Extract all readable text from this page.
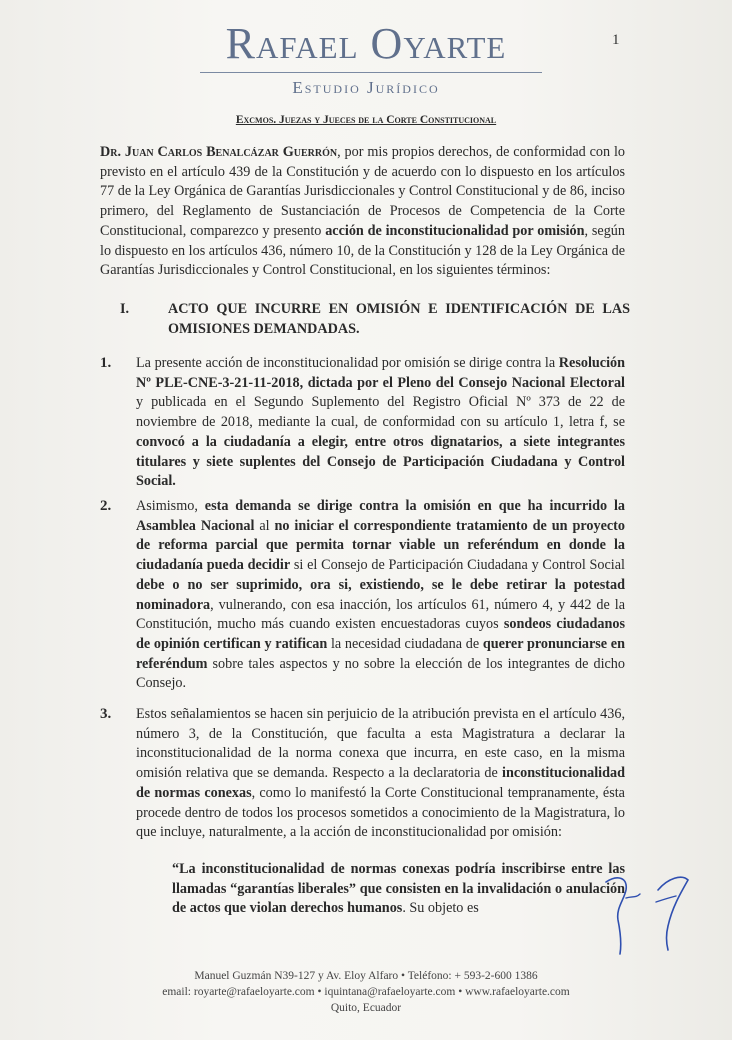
Rafael Oyarte
Estudio Jurídico
1
Excmos. Juezas y Jueces de la Corte Constitucional

Dr. Juan Carlos Benalcázar Guerrón, por mis propios derechos, de conformidad con lo previsto en el artículo 439 de la Constitución y de acuerdo con lo dispuesto en los artículos 77 de la Ley Orgánica de Garantías Jurisdiccionales y Control Constitucional y de 86, inciso primero, del Reglamento de Sustanciación de Procesos de Competencia de la Corte Constitucional, comparezco y presento acción de inconstitucionalidad por omisión, según lo dispuesto en los artículos 436, número 10, de la Constitución y 128 de la Ley Orgánica de Garantías Jurisdiccionales y Control Constitucional, en los siguientes términos:

I.	ACTO QUE INCURRE EN OMISIÓN E IDENTIFICACIÓN DE LAS OMISIONES DEMANDADAS.
1. La presente acción de inconstitucionalidad por omisión se dirige contra la Resolución Nº PLE-CNE-3-21-11-2018, dictada por el Pleno del Consejo Nacional Electoral y publicada en el Segundo Suplemento del Registro Oficial Nº 373 de 22 de noviembre de 2018, mediante la cual, de conformidad con su artículo 1, letra f, se convocó a la ciudadanía a elegir, entre otros dignatarios, a siete integrantes titulares y siete suplentes del Consejo de Participación Ciudadana y Control Social.

2. Asimismo, esta demanda se dirige contra la omisión en que ha incurrido la Asamblea Nacional al no iniciar el correspondiente tratamiento de un proyecto de reforma parcial que permita tornar viable un referéndum en donde la ciudadanía pueda decidir si el Consejo de Participación Ciudadana y Control Social debe o no ser suprimido, ora si, existiendo, se le debe retirar la potestad nominadora, vulnerando, con esa inacción, los artículos 61, número 4, y 442 de la Constitución, mucho más cuando existen encuestadoras cuyos sondeos ciudadanos de opinión certifican y ratifican la necesidad ciudadana de querer pronunciarse en referéndum sobre tales aspectos y no sobre la elección de los integrantes de dicho Consejo.

3. Estos señalamientos se hacen sin perjuicio de la atribución prevista en el artículo 436, número 3, de la Constitución, que faculta a esta Magistratura a declarar la inconstitucionalidad de la norma conexa que incurra, en este caso, en la misma omisión relativa que se demanda. Respecto a la declaratoria de inconstitucionalidad de normas conexas, como lo manifestó la Corte Constitucional tempranamente, ésta procede dentro de todos los procesos sometidos a conocimiento de la Magistratura, lo que incluye, naturalmente, a la acción de inconstitucionalidad por omisión:

“La inconstitucionalidad de normas conexas podría inscribirse entre las llamadas “garantías liberales” que consisten en la invalidación o anulación de actos que violan derechos humanos. Su objeto es

Manuel Guzmán N39-127 y Av. Eloy Alfaro • Teléfono: + 593-2-600 1386
email: royarte@rafaeloyarte.com • iquintana@rafaeloyarte.com • www.rafaeloyarte.com
Quito, Ecuador
